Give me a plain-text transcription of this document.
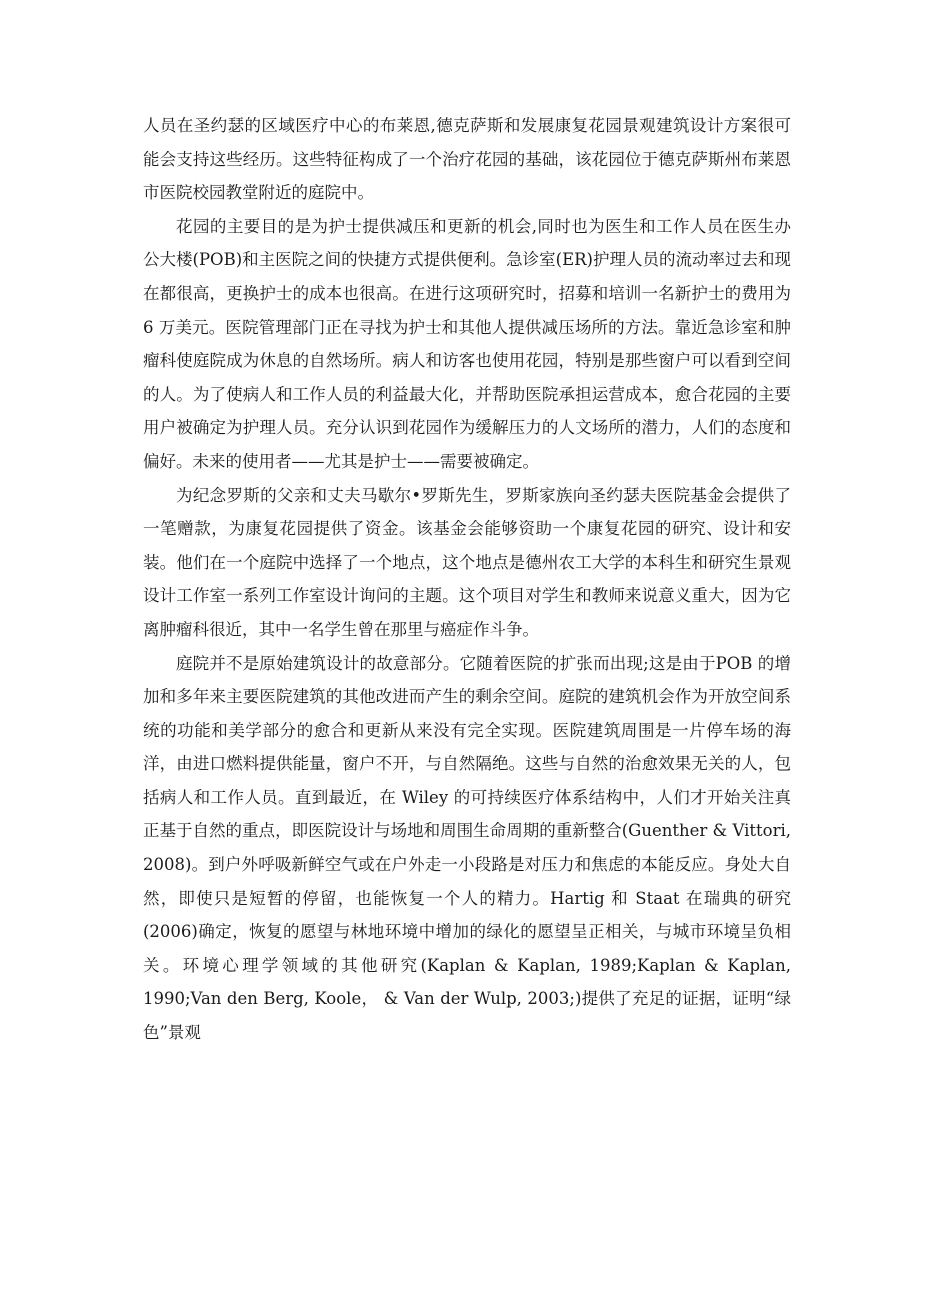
人员在圣约瑟的区域医疗中心的布莱恩,德克萨斯和发展康复花园景观建筑设计方案很可能会支持这些经历。这些特征构成了一个治疗花园的基础，该花园位于德克萨斯州布莱恩市医院校园教堂附近的庭院中。

花园的主要目的是为护士提供减压和更新的机会,同时也为医生和工作人员在医生办公大楼(POB)和主医院之间的快捷方式提供便利。急诊室(ER)护理人员的流动率过去和现在都很高，更换护士的成本也很高。在进行这项研究时，招募和培训一名新护士的费用为 6 万美元。医院管理部门正在寻找为护士和其他人提供减压场所的方法。靠近急诊室和肿瘤科使庭院成为休息的自然场所。病人和访客也使用花园，特别是那些窗户可以看到空间的人。为了使病人和工作人员的利益最大化，并帮助医院承担运营成本，愈合花园的主要用户被确定为护理人员。充分认识到花园作为缓解压力的人文场所的潜力，人们的态度和偏好。未来的使用者——尤其是护士——需要被确定。

为纪念罗斯的父亲和丈夫马歇尔•罗斯先生，罗斯家族向圣约瑟夫医院基金会提供了一笔赠款，为康复花园提供了资金。该基金会能够资助一个康复花园的研究、设计和安装。他们在一个庭院中选择了一个地点，这个地点是德州农工大学的本科生和研究生景观设计工作室一系列工作室设计询问的主题。这个项目对学生和教师来说意义重大，因为它离肿瘤科很近，其中一名学生曾在那里与癌症作斗争。

庭院并不是原始建筑设计的故意部分。它随着医院的扩张而出现;这是由于POB 的增加和多年来主要医院建筑的其他改进而产生的剩余空间。庭院的建筑机会作为开放空间系统的功能和美学部分的愈合和更新从来没有完全实现。医院建筑周围是一片停车场的海洋，由进口燃料提供能量，窗户不开，与自然隔绝。这些与自然的治愈效果无关的人，包括病人和工作人员。直到最近，在 Wiley 的可持续医疗体系结构中，人们才开始关注真正基于自然的重点，即医院设计与场地和周围生命周期的重新整合(Guenther & Vittori, 2008)。到户外呼吸新鲜空气或在户外走一小段路是对压力和焦虑的本能反应。身处大自然，即使只是短暂的停留，也能恢复一个人的精力。Hartig 和 Staat 在瑞典的研究(2006)确定，恢复的愿望与林地环境中增加的绿化的愿望呈正相关，与城市环境呈负相关。环境心理学领域的其他研究(Kaplan & Kaplan, 1989;Kaplan & Kaplan, 1990;Van den Berg, Koole， & Van der Wulp, 2003;)提供了充足的证据，证明“绿色”景观
